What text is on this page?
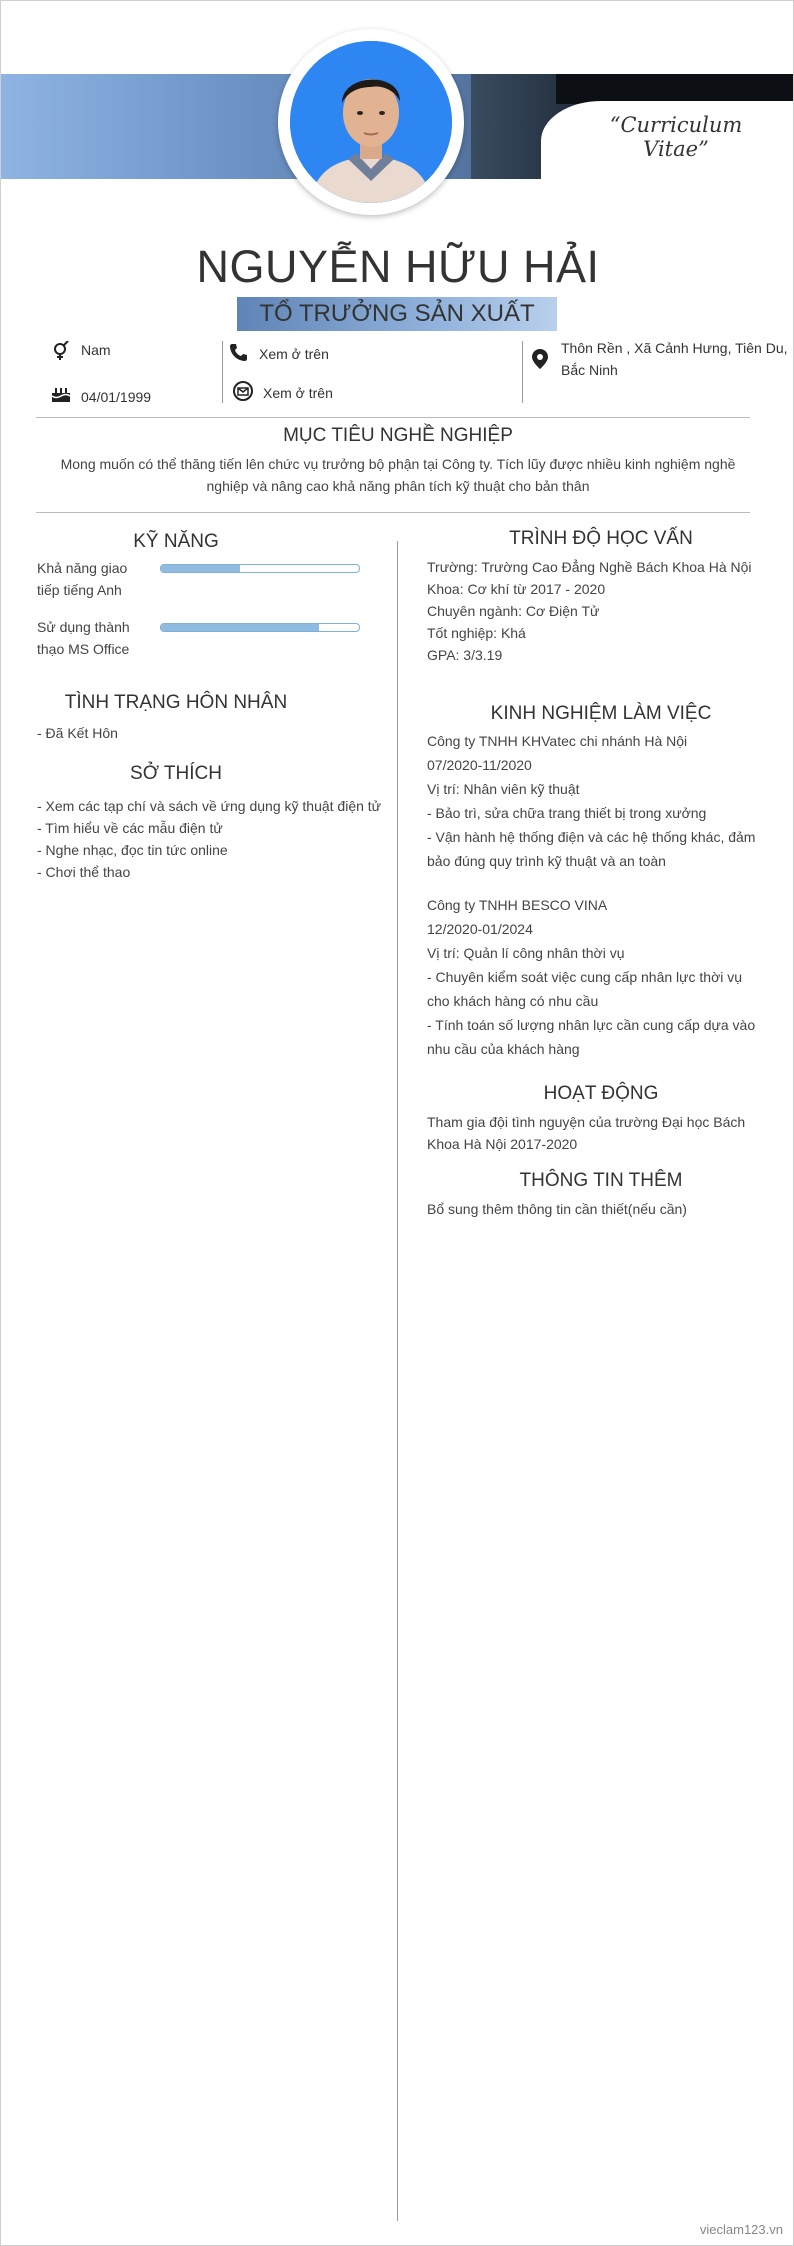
“Curriculum Vitae”
NGUYỄN HỮU HẢI
TỔ TRƯỞNG SẢN XUẤT
Nam
04/01/1999
Xem ở trên
Xem ở trên
Thôn Rền , Xã Cảnh Hưng, Tiên Du,
Bắc Ninh
MỤC TIÊU NGHỀ NGHIỆP
Mong muốn có thể thăng tiến lên chức vụ trưởng bộ phận tại Công ty. Tích lũy được nhiều kinh nghiệm nghề
nghiệp và nâng cao khả năng phân tích kỹ thuật cho bản thân
KỸ NĂNG
Khả năng giao
tiếp tiếng Anh
Sử dụng thành
thạo MS Office
TÌNH TRẠNG HÔN NHÂN
- Đã Kết Hôn
SỞ THÍCH
- Xem các tạp chí và sách về ứng dụng kỹ thuật điện tử
- Tìm hiểu về các mẫu điện tử
- Nghe nhạc, đọc tin tức online
- Chơi thể thao
TRÌNH ĐỘ HỌC VẤN
Trường: Trường Cao Đẳng Nghề Bách Khoa Hà Nội
Khoa: Cơ khí từ 2017 - 2020
Chuyên ngành: Cơ Điện Tử
Tốt nghiệp: Khá
GPA: 3/3.19
KINH NGHIỆM LÀM VIỆC
Công ty TNHH KHVatec chi nhánh Hà Nội
07/2020-11/2020
Vị trí: Nhân viên kỹ thuật
- Bảo trì, sửa chữa trang thiết bị trong xưởng
- Vận hành hệ thống điện và các hệ thống khác, đảm
bảo đúng quy trình kỹ thuật và an toàn
Công ty TNHH BESCO VINA
12/2020-01/2024
Vị trí: Quản lí công nhân thời vụ
- Chuyên kiểm soát việc cung cấp nhân lực thời vụ
cho khách hàng có nhu cầu
- Tính toán số lượng nhân lực cần cung cấp dựa vào
nhu cầu của khách hàng
HOẠT ĐỘNG
Tham gia đội tình nguyện của trường Đại học Bách
Khoa Hà Nội 2017-2020
THÔNG TIN THÊM
Bổ sung thêm thông tin cần thiết(nếu cần)
vieclam123.vn
